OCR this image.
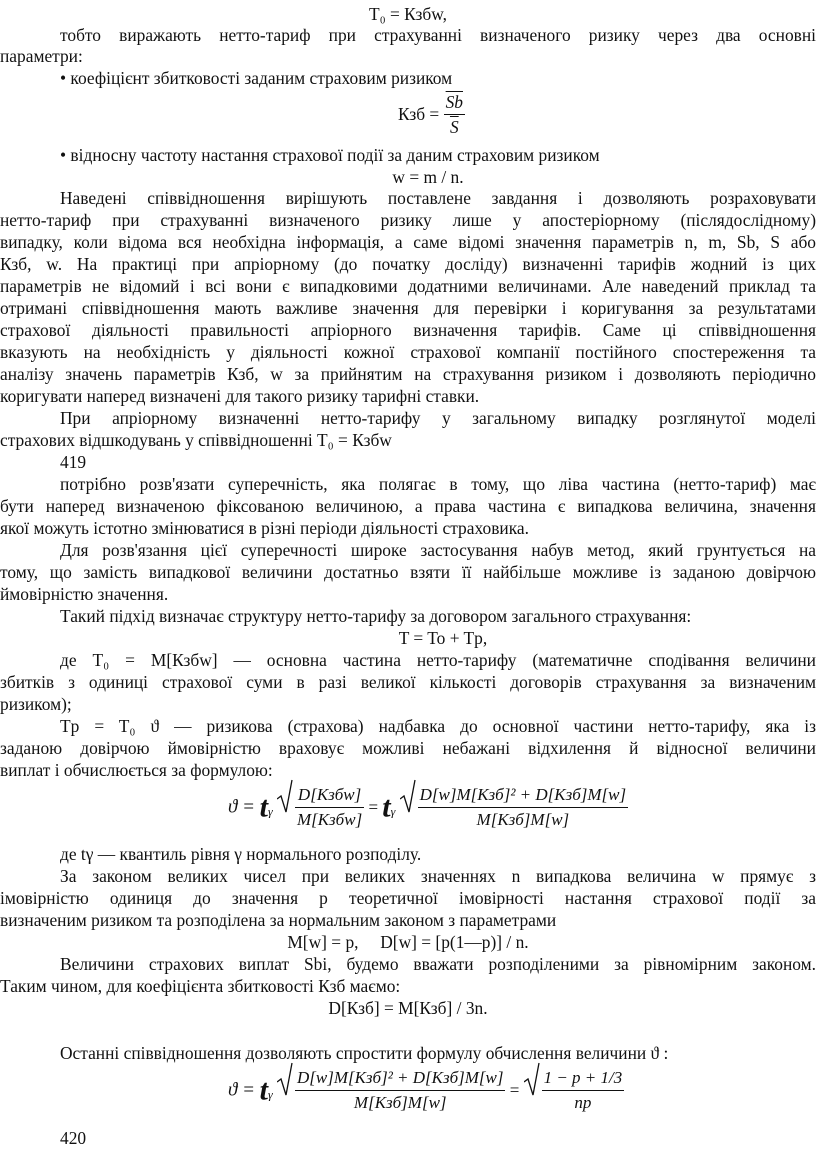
T₀ = Кзбw,

тобто виражають нетто-тариф при страхуванні визначеного ризику через два основні

параметри:

• коефіцієнт збитковості заданим страховим ризиком

Кзб = $\frac{\overline{Sb}}{S}$

• відносну частоту настання страхової події за даним страховим ризиком

w = m / n.

Наведені співвідношення вирішують поставлене завдання і дозволяють розраховувати

нетто-тариф при страхуванні визначеного ризику лише у апостеріорному (післядослідному)

випадку, коли відома вся необхідна інформація, а саме відомі значення параметрів n, m, Sb, S або

Кзб, w. На практиці при апріорному (до початку досліду) визначенні тарифів жодний із цих

параметрів не відомий і всі вони є випадковими додатними величинами. Але наведений приклад та

отримані співвідношення мають важливе значення для перевірки і коригування за результатами

страхової діяльності правильності апріорного визначення тарифів. Саме ці співвідношення

вказують на необхідність у діяльності кожної страхової компанії постійного спостереження та

аналізу значень параметрів Кзб, w за прийнятим на страхування ризиком і дозволяють періодично

коригувати наперед визначені для такого ризику тарифні ставки.

При апріорному визначенні нетто-тарифу у загальному випадку розглянутої моделі

страхових відшкодувань у співвідношенні T₀ = Кзбw

419

потрібно розв'язати суперечність, яка полягає в тому, що ліва частина (нетто-тариф) має

бути наперед визначеною фіксованою величиною, а права частина є випадкова величина, значення

якої можуть істотно змінюватися в різні періоди діяльності страховика.

Для розв'язання цієї суперечності широке застосування набув метод, який грунтується на

тому, що замість випадкової величини достатньо взяти її найбільше можливе із заданою довірчою

ймовірністю значення.

Такий підхід визначає структуру нетто-тарифу за договором загального страхування:

T = To + Tp,

де T₀ = M[Кзбw] — основна частина нетто-тарифу (математичне сподівання величини

збитків з одиниці страхової суми в разі великої кількості договорів страхування за визначеним

ризиком);

Tp = T₀ ϑ — ризикова (страхова) надбавка до основної частини нетто-тарифу, яка із

заданою довірчою ймовірністю враховує можливі небажані відхилення й відносної величини

виплат і обчислюється за формулою:

$ϑ = t_\gamma \frac{\text{D[Кзбw]}}{\text{M[Кзбw]}} = t_\gamma \frac{\text{D[w]M[Кзб]² + D[Кзб]M[w]}}{\text{M[Кзб]M[w]}}$

де tγ — квантиль рівня γ нормального розподілу.

За законом великих чисел при великих значеннях n випадкова величина w прямує з

імовірністю одиниця до значення p теоретичної імовірності настання страхової події за

визначеним ризиком та розподілена за нормальним законом з параметрами

M[w] = p,     D[w] = [p(1—p)] / n.

Величини страхових виплат Sbi, будемо вважати розподіленими за рівномірним законом.

Таким чином, для коефіцієнта збитковості Кзб маємо:

D[Кзб] = M[Кзб] / 3n.

Останні співвідношення дозволяють спростити формулу обчислення величини ϑ :

$ϑ = t_\gamma \frac{\text{D[w]M[Кзб]² + D[Кзб]M[w]}}{\text{M[Кзб]M[w]}} = \frac{1 - p + 1/3}{np}$

420
